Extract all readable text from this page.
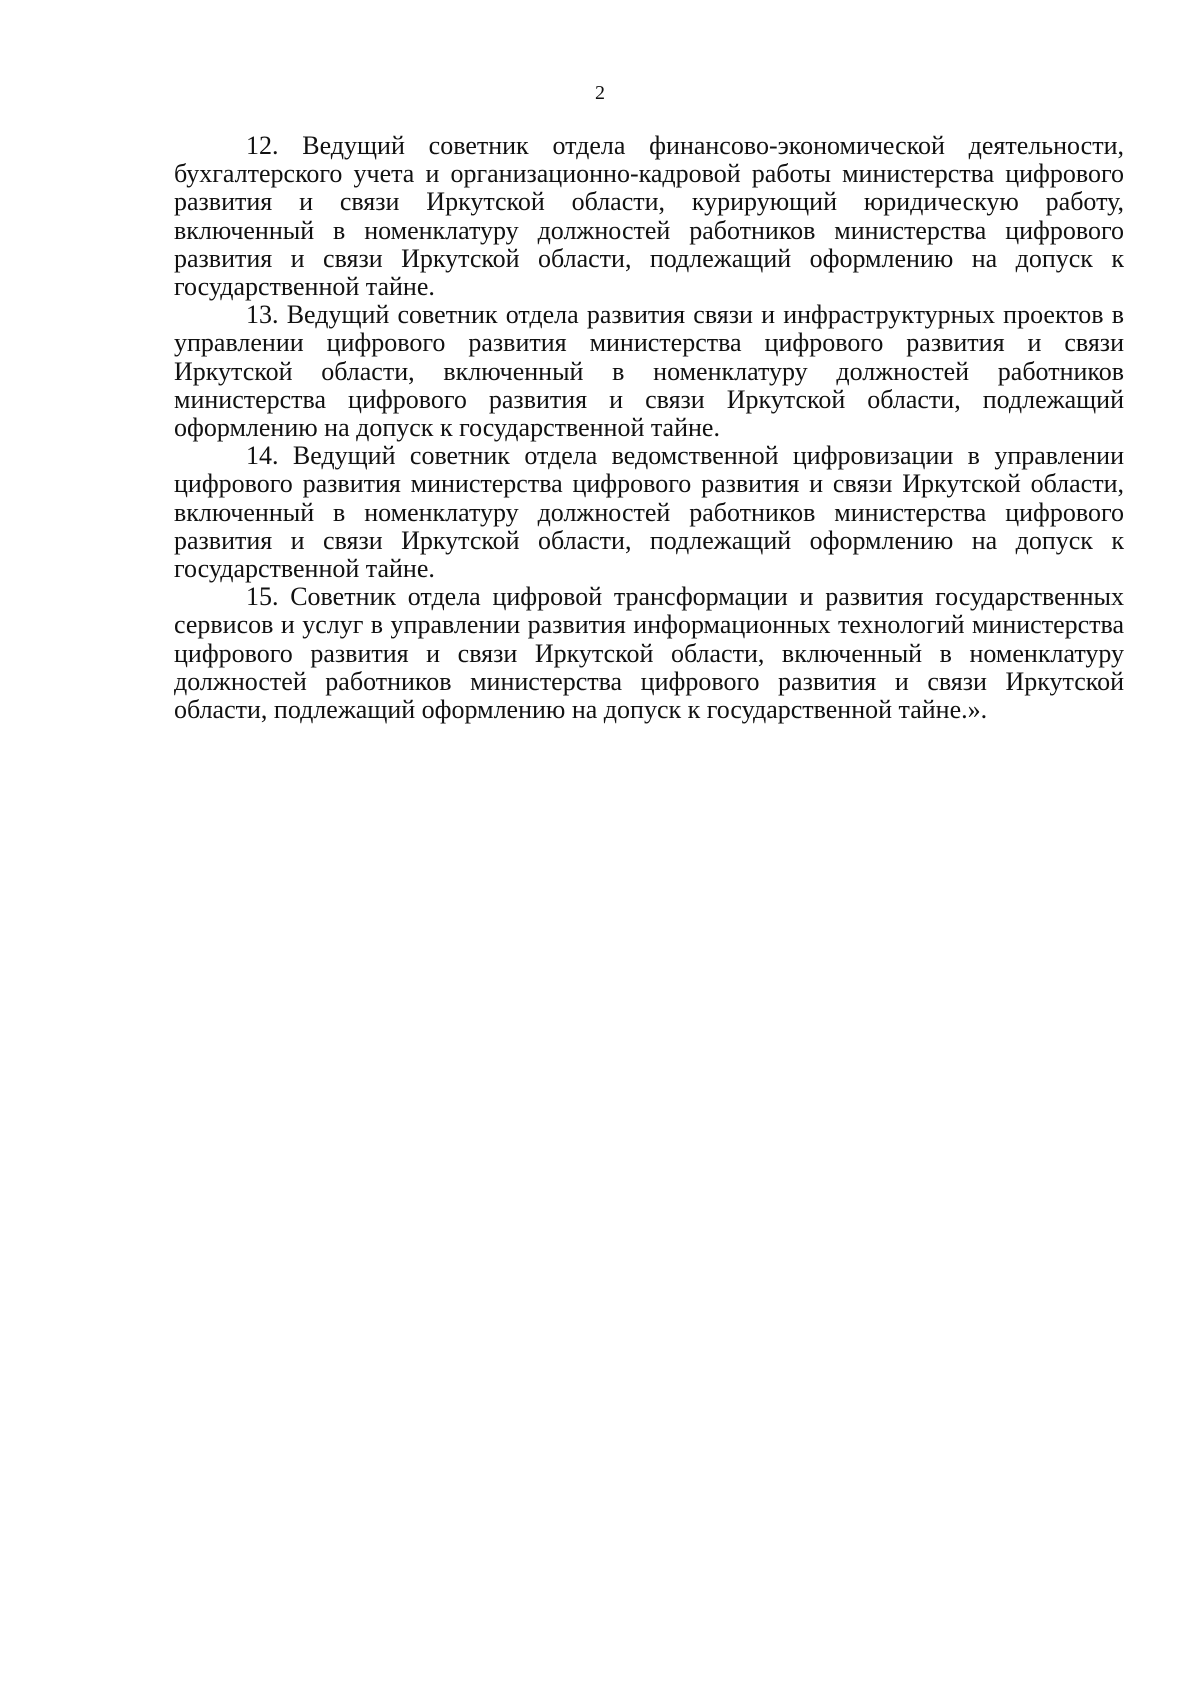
2

12. Ведущий советник отдела финансово-экономической деятельности, бухгалтерского учета и организационно-кадровой работы министерства цифрового развития и связи Иркутской области, курирующий юридическую работу, включенный в номенклатуру должностей работников министерства цифрового развития и связи Иркутской области, подлежащий оформлению на допуск к государственной тайне.

13. Ведущий советник отдела развития связи и инфраструктурных проектов в управлении цифрового развития министерства цифрового развития и связи Иркутской области, включенный в номенклатуру должностей работников министерства цифрового развития и связи Иркутской области, подлежащий оформлению на допуск к государственной тайне.

14. Ведущий советник отдела ведомственной цифровизации в управлении цифрового развития министерства цифрового развития и связи Иркутской области, включенный в номенклатуру должностей работников министерства цифрового развития и связи Иркутской области, подлежащий оформлению на допуск к государственной тайне.

15. Советник отдела цифровой трансформации и развития государственных сервисов и услуг в управлении развития информационных технологий министерства цифрового развития и связи Иркутской области, включенный в номенклатуру должностей работников министерства цифрового развития и связи Иркутской области, подлежащий оформлению на допуск к государственной тайне.».
